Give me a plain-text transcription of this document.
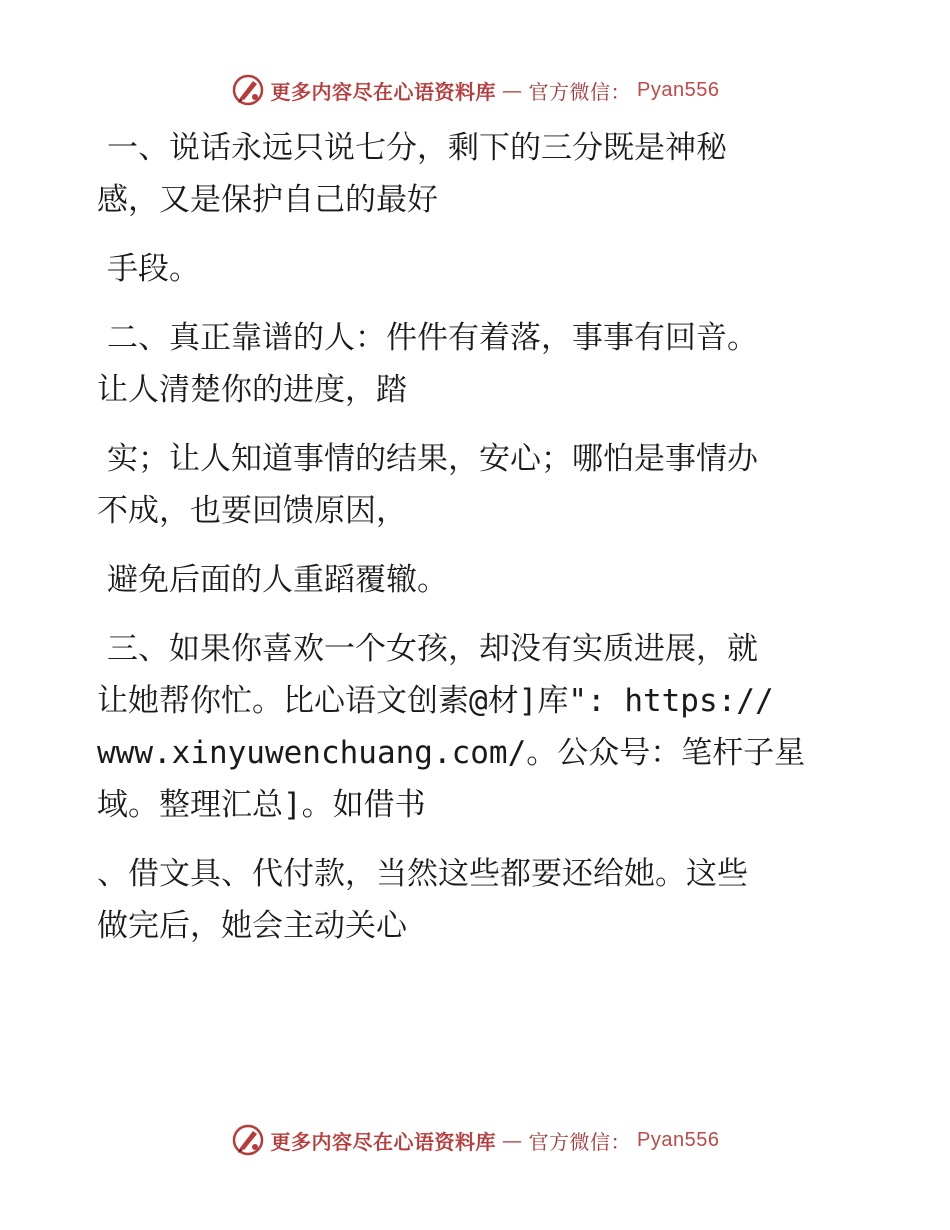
更多内容尽在心语资料库 — 官方微信： Pyan556

一、说话永远只说七分，剩下的三分既是神秘
感，又是保护自己的最好

手段。

二、真正靠谱的人：件件有着落，事事有回音。
让人清楚你的进度，踏

实；让人知道事情的结果，安心；哪怕是事情办
不成，也要回馈原因，

避免后面的人重蹈覆辙。

三、如果你喜欢一个女孩，却没有实质进展，就
让她帮你忙。比心语文创素@材]库": https://
www.xinyuwenchuang.com/。公众号：笔杆子星
域。整理汇总]。如借书

、借文具、代付款，当然这些都要还给她。这些
做完后，她会主动关心

更多内容尽在心语资料库 — 官方微信： Pyan556
